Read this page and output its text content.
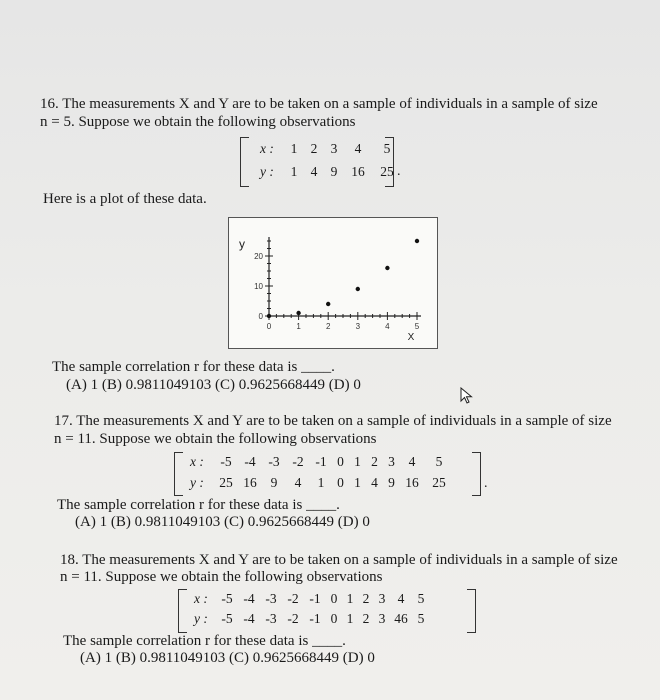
16. The measurements X and Y are to be taken on a sample of individuals in a sample of size
n = 5. Suppose we obtain the following observations
x : 1 2 3 4 5
y : 1 4 9 16 25 .
Here is a plot of these data.
0
10
20
0	1	2	3	4	5
X
y
The sample correlation r for these data is ____.
(A) 1 (B) 0.9811049103 (C) 0.9625668449 (D) 0
17. The measurements X and Y are to be taken on a sample of individuals in a sample of size
n = 11. Suppose we obtain the following observations
x : -5 -4 -3 -2 -1 0 1 2 3 4 5
y : 25 16 9 4 1 0 1 4 9 16 25	.
The sample correlation r for these data is ____.
(A) 1 (B) 0.9811049103 (C) 0.9625668449 (D) 0
18. The measurements X and Y are to be taken on a sample of individuals in a sample of size
n = 11. Suppose we obtain the following observations
x : -5 -4 -3 -2 -1 0 1 2 3 4 5
y : -5 -4 -3 -2 -1 0 1 2 3 46 5
The sample correlation r for these data is ____.
(A) 1 (B) 0.9811049103 (C) 0.9625668449 (D) 0
